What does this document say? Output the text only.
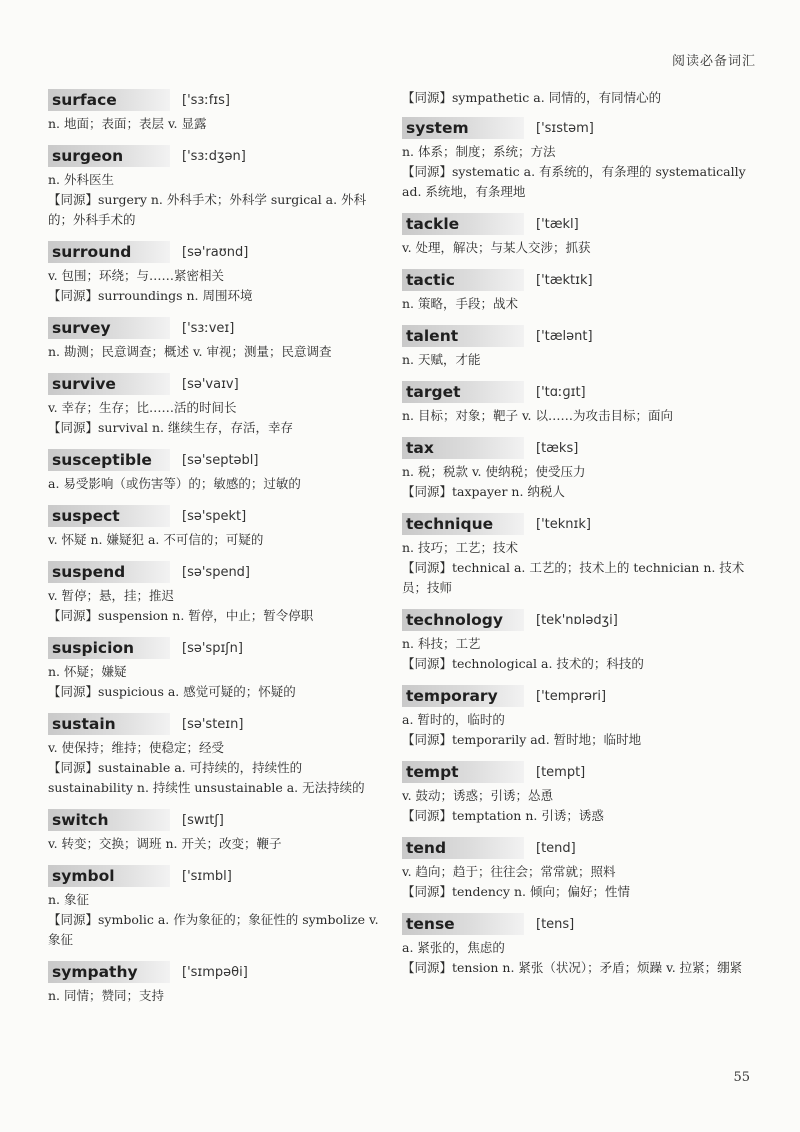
阅读必备词汇
surface	['sɜːfɪs]
n. 地面；表面；表层 v. 显露
surgeon	['sɜːdʒən]
n. 外科医生
【同源】surgery n. 外科手术；外科学 surgical a. 外科的；外科手术的
surround	[sə'raʊnd]
v. 包围；环绕；与……紧密相关
【同源】surroundings n. 周围环境
survey	['sɜːveɪ]
n. 勘测；民意调查；概述 v. 审视；测量；民意调查
survive	[sə'vaɪv]
v. 幸存；生存；比……活的时间长
【同源】survival n. 继续生存，存活，幸存
susceptible	[sə'septəbl]
a. 易受影响（或伤害等）的；敏感的；过敏的
suspect	[sə'spekt]
v. 怀疑 n. 嫌疑犯 a. 不可信的；可疑的
suspend	[sə'spend]
v. 暂停；悬，挂；推迟
【同源】suspension n. 暂停，中止；暂令停职
suspicion	[sə'spɪʃn]
n. 怀疑；嫌疑
【同源】suspicious a. 感觉可疑的；怀疑的
sustain	[sə'steɪn]
v. 使保持；维持；使稳定；经受
【同源】sustainable a. 可持续的，持续性的 sustainability n. 持续性 unsustainable a. 无法持续的
switch	[swɪtʃ]
v. 转变；交换；调班 n. 开关；改变；鞭子
symbol	['sɪmbl]
n. 象征
【同源】symbolic a. 作为象征的；象征性的 symbolize v. 象征
sympathy	['sɪmpəθi]
n. 同情；赞同；支持
【同源】sympathetic a. 同情的，有同情心的
system	['sɪstəm]
n. 体系；制度；系统；方法
【同源】systematic a. 有系统的，有条理的 systematically ad. 系统地，有条理地
tackle	['tækl]
v. 处理，解决；与某人交涉；抓获
tactic	['tæktɪk]
n. 策略，手段；战术
talent	['tælənt]
n. 天赋，才能
target	['tɑːɡɪt]
n. 目标；对象；靶子 v. 以……为攻击目标；面向
tax	[tæks]
n. 税；税款 v. 使纳税；使受压力
【同源】taxpayer n. 纳税人
technique	['teknɪk]
n. 技巧；工艺；技术
【同源】technical a. 工艺的；技术上的 technician n. 技术员；技师
technology	[tek'nɒlədʒi]
n. 科技；工艺
【同源】technological a. 技术的；科技的
temporary	['temprəri]
a. 暂时的，临时的
【同源】temporarily ad. 暂时地；临时地
tempt	[tempt]
v. 鼓动；诱惑；引诱；怂恿
【同源】temptation n. 引诱；诱惑
tend	[tend]
v. 趋向；趋于；往往会；常常就；照料
【同源】tendency n. 倾向；偏好；性情
tense	[tens]
a. 紧张的，焦虑的
【同源】tension n. 紧张（状况）；矛盾；烦躁 v. 拉紧；绷紧
55
